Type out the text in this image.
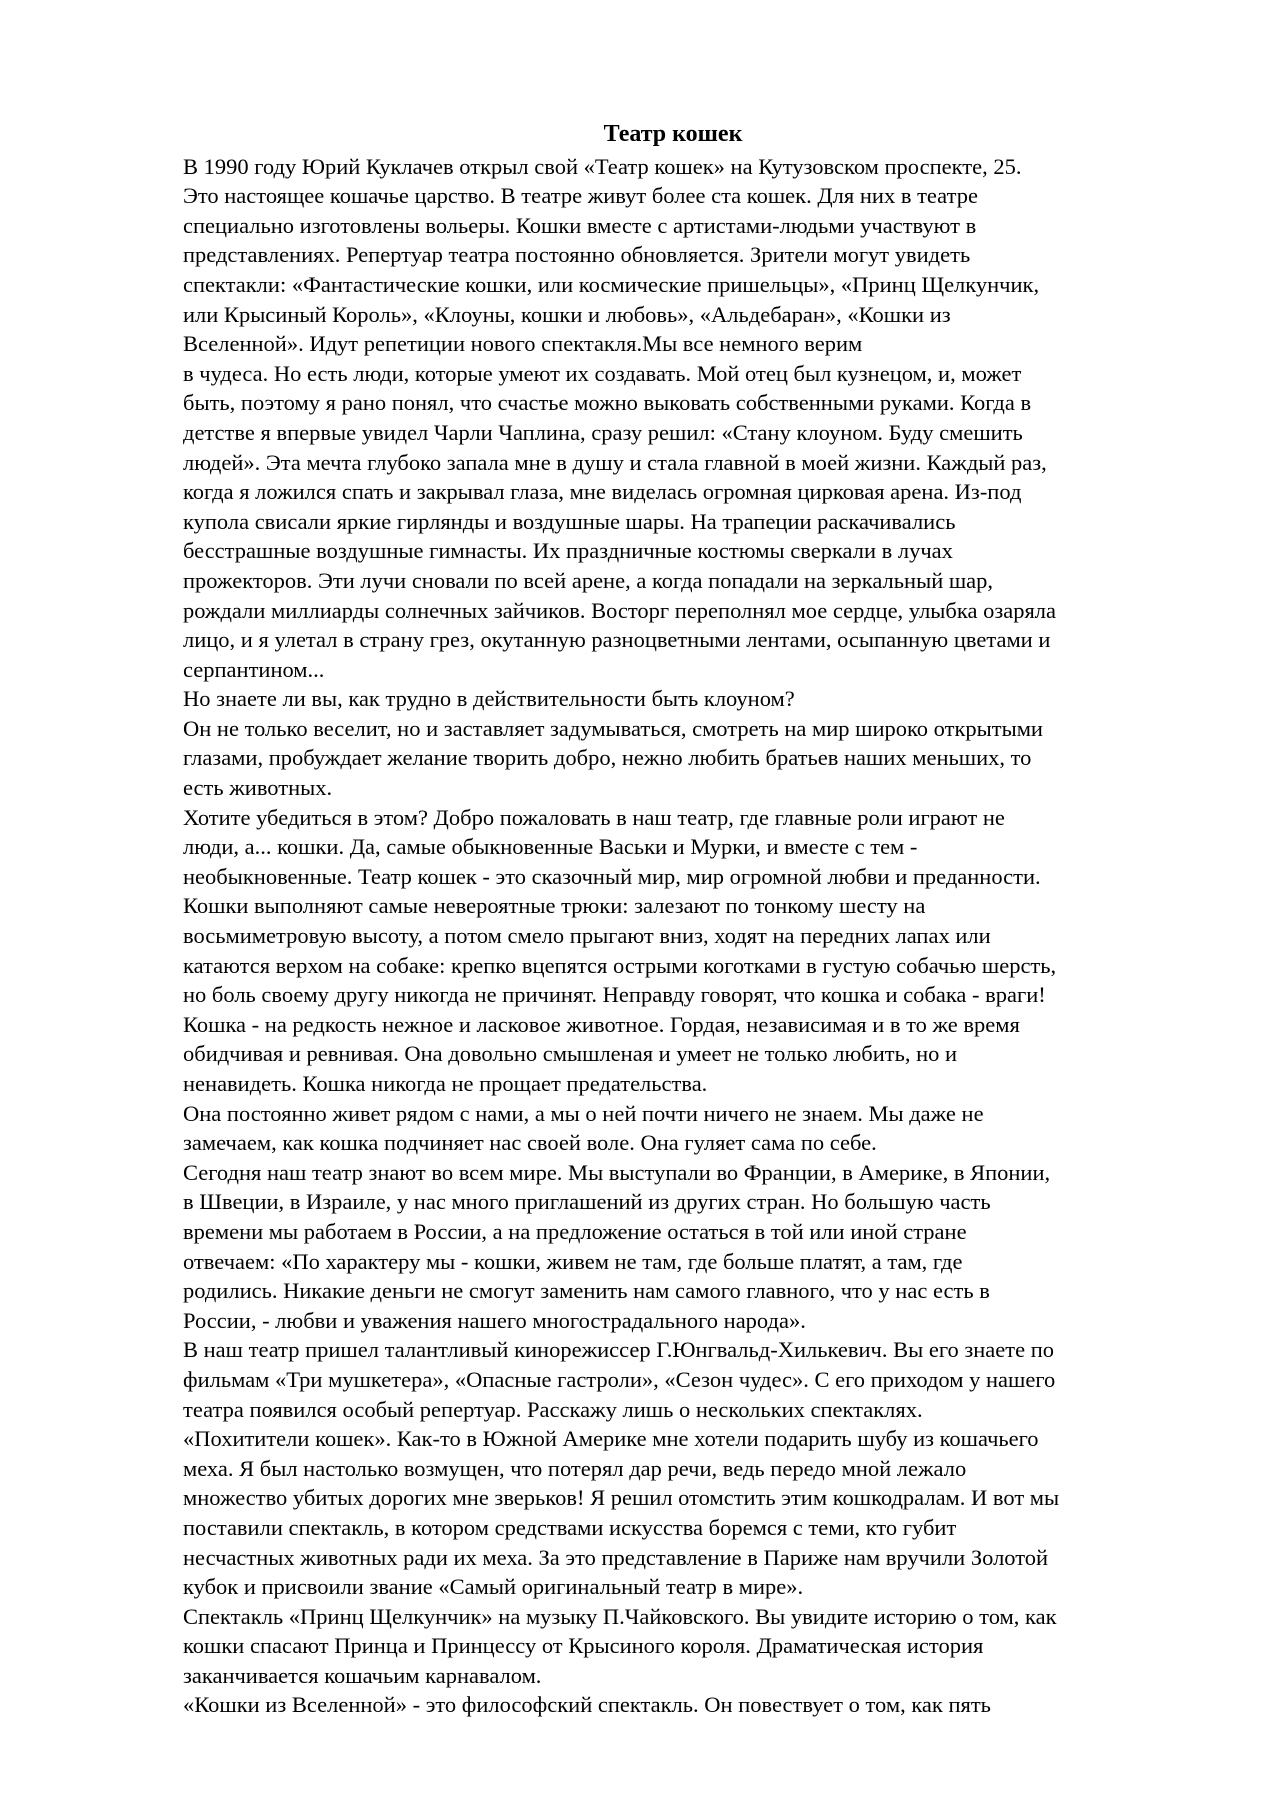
Театр кошек
В 1990 году Юрий Куклачев открыл свой «Театр кошек» на Кутузовском проспекте, 25.
Это настоящее кошачье царство. В театре живут более ста кошек. Для них в театре
специально изготовлены вольеры. Кошки вместе с артистами-людьми участвуют в
представлениях. Репертуар театра постоянно обновляется. Зрители могут увидеть
спектакли: «Фантастические кошки, или космические пришельцы», «Принц Щелкунчик,
или Крысиный Король», «Клоуны, кошки и любовь», «Альдебаран», «Кошки из
Вселенной». Идут репетиции нового спектакля.Мы все немного верим
в чудеса. Но есть люди, которые умеют их создавать. Мой отец был кузнецом, и, может
быть, поэтому я рано понял, что счастье можно выковать собственными руками. Когда в
детстве я впервые увидел Чарли Чаплина, сразу решил: «Стану клоуном. Буду смешить
людей». Эта мечта глубоко запала мне в душу и стала главной в моей жизни. Каждый раз,
когда я ложился спать и закрывал глаза, мне виделась огромная цирковая арена. Из-под
купола свисали яркие гирлянды и воздушные шары. На трапеции раскачивались
бесстрашные воздушные гимнасты. Их праздничные костюмы сверкали в лучах
прожекторов. Эти лучи сновали по всей арене, а когда попадали на зеркальный шар,
рождали миллиарды солнечных зайчиков. Восторг переполнял мое сердце, улыбка озаряла
лицо, и я улетал в страну грез, окутанную разноцветными лентами, осыпанную цветами и
серпантином...
Но знаете ли вы, как трудно в действительности быть клоуном?
Он не только веселит, но и заставляет задумываться, смотреть на мир широко открытыми
глазами, пробуждает желание творить добро, нежно любить братьев наших меньших, то
есть животных.
Хотите убедиться в этом? Добро пожаловать в наш театр, где главные роли играют не
люди, а... кошки. Да, самые обыкновенные Васьки и Мурки, и вместе с тем -
необыкновенные. Театр кошек - это сказочный мир, мир огромной любви и преданности.
Кошки выполняют самые невероятные трюки: залезают по тонкому шесту на
восьмиметровую высоту, а потом смело прыгают вниз, ходят на передних лапах или
катаются верхом на собаке: крепко вцепятся острыми коготками в густую собачью шерсть,
но боль своему другу никогда не причинят. Неправду говорят, что кошка и собака - враги!
Кошка - на редкость нежное и ласковое животное. Гордая, независимая и в то же время
обидчивая и ревнивая. Она довольно смышленая и умеет не только любить, но и
ненавидеть. Кошка никогда не прощает предательства.
Она постоянно живет рядом с нами, а мы о ней почти ничего не знаем. Мы даже не
замечаем, как кошка подчиняет нас своей воле. Она гуляет сама по себе.
Сегодня наш театр знают во всем мире. Мы выступали во Франции, в Америке, в Японии,
в Швеции, в Израиле, у нас много приглашений из других стран. Но большую часть
времени мы работаем в России, а на предложение остаться в той или иной стране
отвечаем: «По характеру мы - кошки, живем не там, где больше платят, а там, где
родились. Никакие деньги не смогут заменить нам самого главного, что у нас есть в
России, - любви и уважения нашего многострадального народа».
В наш театр пришел талантливый кинорежиссер Г.Юнгвальд-Хилькевич. Вы его знаете по
фильмам «Три мушкетера», «Опасные гастроли», «Сезон чудес». С его приходом у нашего
театра появился особый репертуар. Расскажу лишь о нескольких спектаклях.
«Похитители кошек». Как-то в Южной Америке мне хотели подарить шубу из кошачьего
меха. Я был настолько возмущен, что потерял дар речи, ведь передо мной лежало
множество убитых дорогих мне зверьков! Я решил отомстить этим кошкодралам. И вот мы
поставили спектакль, в котором средствами искусства боремся с теми, кто губит
несчастных животных ради их меха. За это представление в Париже нам вручили Золотой
кубок и присвоили звание «Самый оригинальный театр в мире».
Спектакль «Принц Щелкунчик» на музыку П.Чайковского. Вы увидите историю о том, как
кошки спасают Принца и Принцессу от Крысиного короля. Драматическая история
заканчивается кошачьим карнавалом.
«Кошки из Вселенной» - это философский спектакль. Он повествует о том, как пять
